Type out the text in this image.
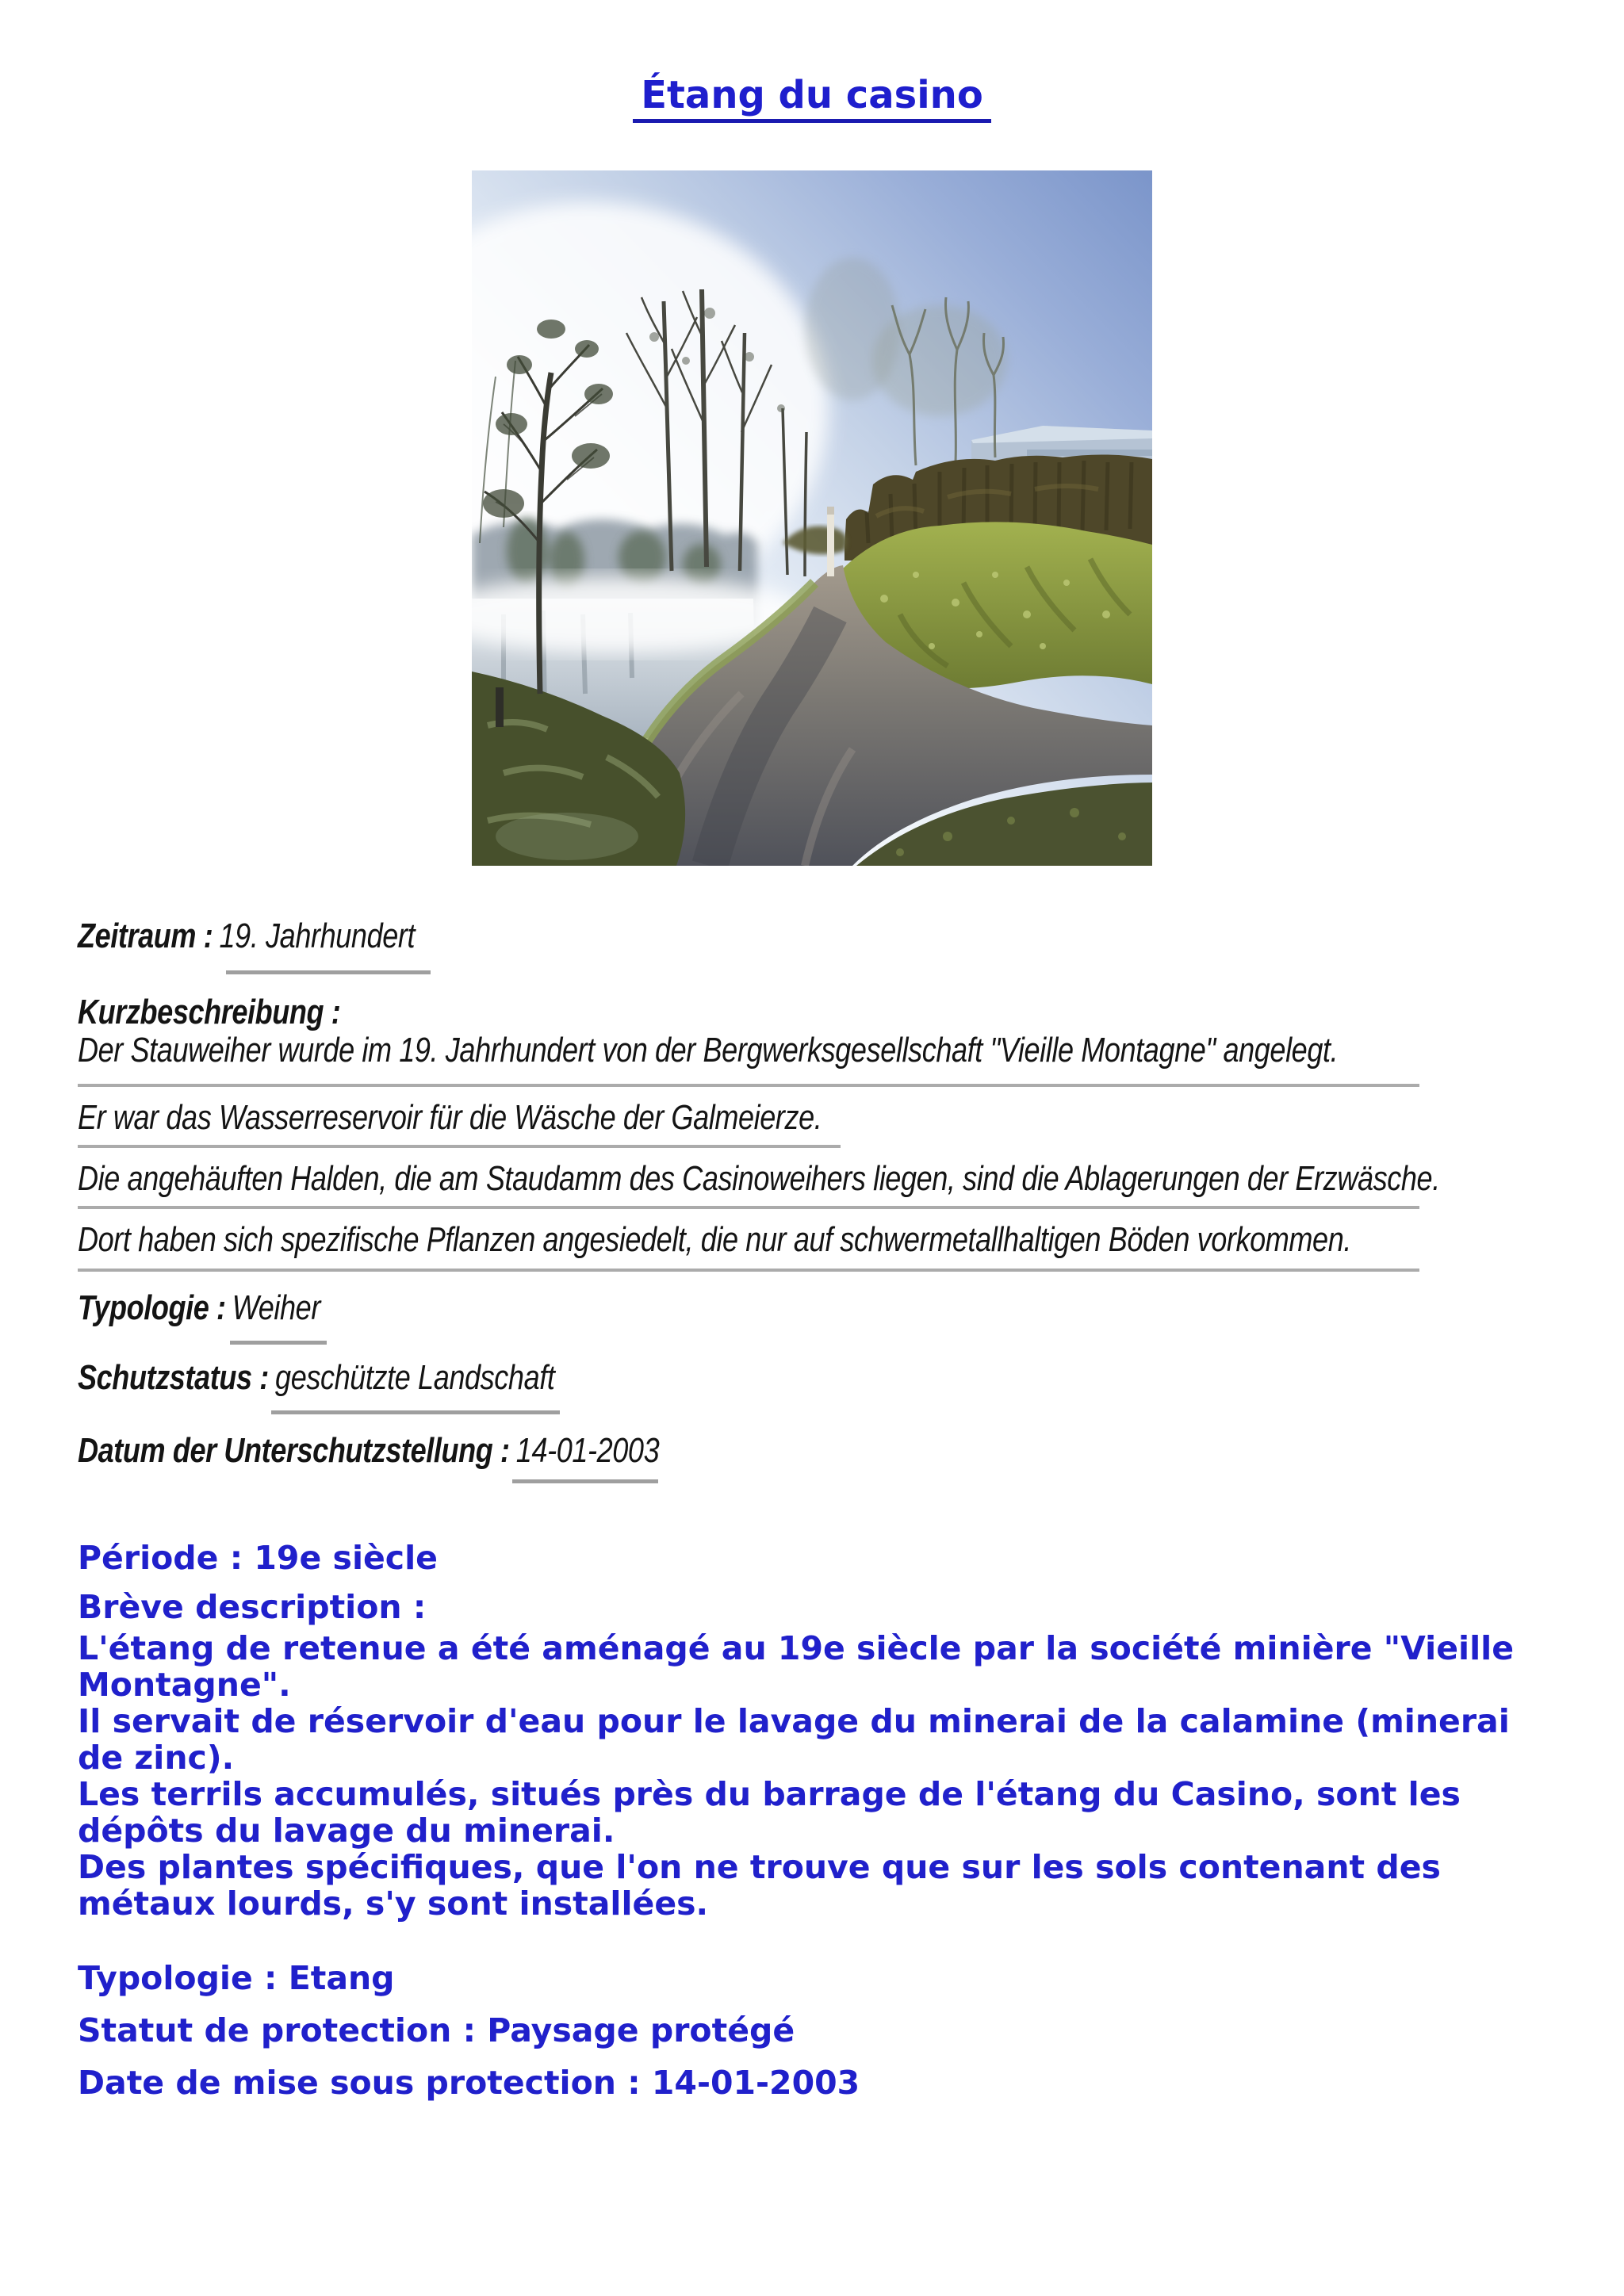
Étang du casino

Zeitraum : 19. Jahrhundert

Kurzbeschreibung :

Der Stauweiher wurde im 19. Jahrhundert von der Bergwerksgesellschaft "Vieille Montagne" angelegt.

Er war das Wasserreservoir für die Wäsche der Galmeierze.

Die angehäuften Halden, die am Staudamm des Casinoweihers liegen, sind die Ablagerungen der Erzwäsche.

Dort haben sich spezifische Pflanzen angesiedelt, die nur auf schwermetallhaltigen Böden vorkommen.

Typologie : Weiher

Schutzstatus : geschützte Landschaft

Datum der Unterschutzstellung : 14-01-2003

Période : 19e siècle

Brève description :

L'étang de retenue a été aménagé au 19e siècle par la société minière "Vieille

Montagne".

Il servait de réservoir d'eau pour le lavage du minerai de la calamine (minerai

de zinc).

Les terrils accumulés, situés près du barrage de l'étang du Casino, sont les

dépôts du lavage du minerai.

Des plantes spécifiques, que l'on ne trouve que sur les sols contenant des

métaux lourds, s'y sont installées.

Typologie : Etang

Statut de protection : Paysage protégé

Date de mise sous protection : 14-01-2003
